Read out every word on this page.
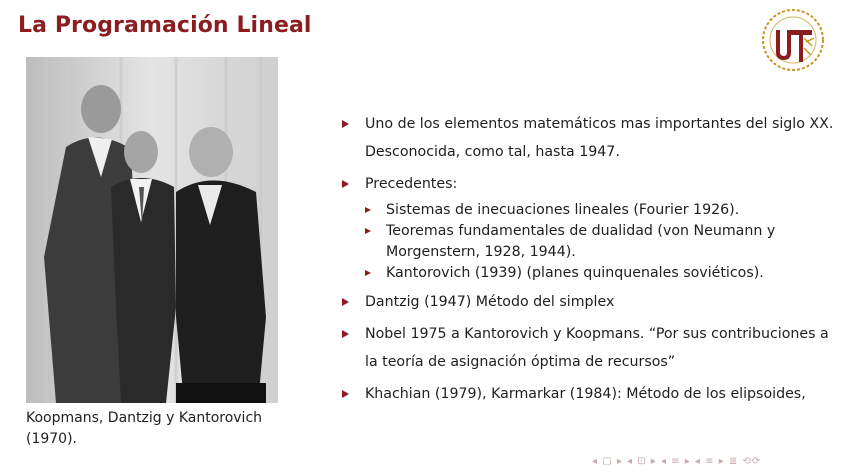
La Programación Lineal
Koopmans, Dantzig y Kantorovich (1970).
Uno de los elementos matemáticos mas importantes del siglo XX. Desconocida, como tal, hasta 1947.
Precedentes:
Sistemas de inecuaciones lineales (Fourier 1926).
Teoremas fundamentales de dualidad (von Neumann y Morgenstern, 1928, 1944).
Kantorovich (1939) (planes quinquenales soviéticos).
Dantzig (1947) Método del simplex
Nobel 1975 a Kantorovich y Koopmans. “Por sus contribuciones a la teoría de asignación óptima de recursos”
Khachian (1979), Karmarkar (1984): Método de los elipsoides,
◂ ▢ ▸ ◂ ⊡ ▸ ◂ ≡ ▸ ◂ ≡ ▸ ≣ ⟲⟳
